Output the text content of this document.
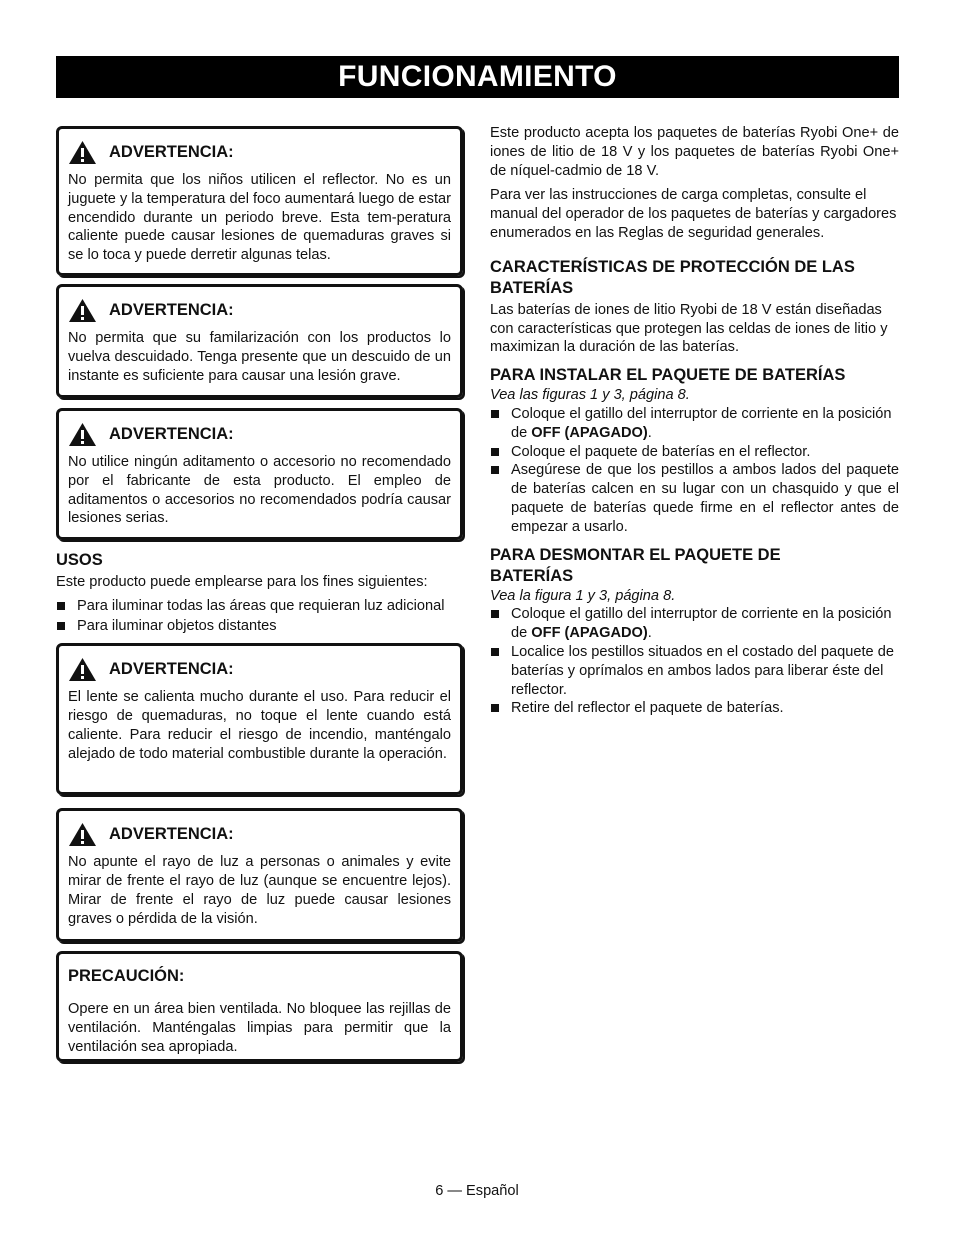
FUNCIONAMIENTO
ADVERTENCIA:
No permita que los niños utilicen el reflector. No es un juguete y la temperatura del foco aumentará luego de estar encendido durante un periodo breve. Esta tem-peratura caliente puede causar lesiones de quemaduras graves si se lo toca y puede derretir algunas telas.
ADVERTENCIA:
No permita que su familarización con los productos lo vuelva descuidado. Tenga presente que un descuido de un instante es suficiente para causar una lesión grave.
ADVERTENCIA:
No utilice ningún aditamento o accesorio no recomendado por el fabricante de esta producto. El empleo de aditamentos o accesorios no recomendados podría causar lesiones serias.
USOS

Este producto puede emplearse para los fines siguientes:

Para iluminar todas las áreas que requieran luz adicional
Para iluminar objetos distantes
ADVERTENCIA:
El lente se calienta mucho durante el uso. Para reducir el riesgo de quemaduras, no toque el lente cuando está caliente. Para reducir el riesgo de incendio, manténgalo alejado de todo material combustible durante la operación.
ADVERTENCIA:
No apunte el rayo de luz a personas o animales y evite mirar de frente el rayo de luz (aunque se encuentre lejos). Mirar de frente el rayo de luz puede causar lesiones graves o pérdida de la visión.
PRECAUCIÓN:
Opere en un área bien ventilada. No bloquee las rejillas de ventilación. Manténgalas limpias para permitir que la ventilación sea apropiada.

Este producto acepta los paquetes de baterías Ryobi One+ de iones de litio de 18 V y los paquetes de baterías Ryobi One+ de níquel-cadmio de 18 V.

Para ver las instrucciones de carga completas, consulte el manual del operador de los paquetes de baterías y cargadores enumerados en las Reglas de seguridad generales.

CARACTERÍSTICAS DE PROTECCIÓN DE LAS BATERÍAS

Las baterías de iones de litio Ryobi de 18 V están diseñadas con características que protegen las celdas de iones de litio y maximizan la duración de las baterías.

PARA INSTALAR EL PAQUETE DE BATERÍAS
Vea las figuras 1 y 3, página 8.
Coloque el gatillo del interruptor de corriente en la posición de OFF (APAGADO).
Coloque el paquete de baterías en el reflector.
Asegúrese de que los pestillos a ambos lados del paquete de baterías calcen en su lugar con un chasquido y que el paquete de baterías quede firme en el reflector antes de empezar a usarlo.
PARA DESMONTAR EL PAQUETE DE BATERÍAS
Vea la figura 1 y 3, página 8.
Coloque el gatillo del interruptor de corriente en la posición de OFF (APAGADO).
Localice los pestillos situados en el costado del paquete de baterías y oprímalos en ambos lados para liberar éste del reflector.
Retire del reflector el paquete de baterías.
6 — Español
